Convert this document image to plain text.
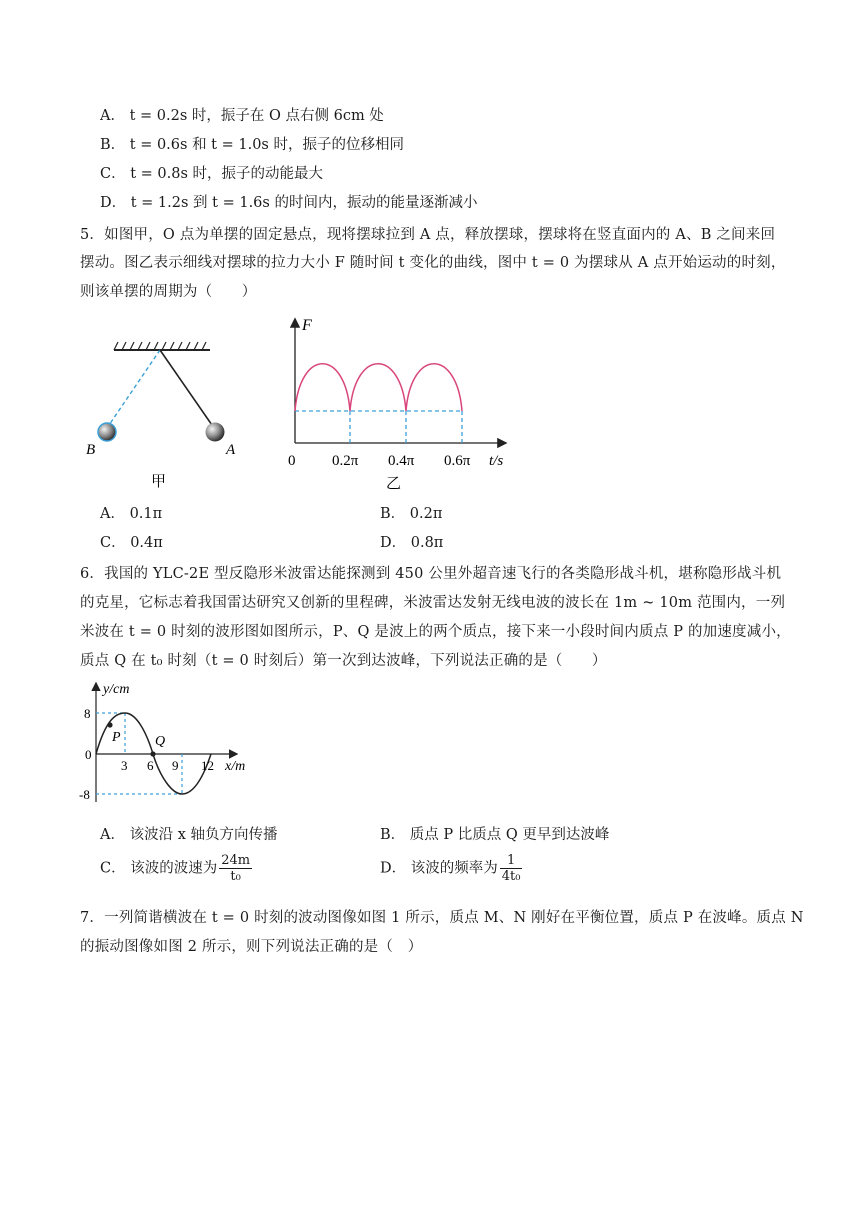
A． t = 0.2s 时，振子在 O 点右侧 6cm 处
B． t = 0.6s 和 t = 1.0s 时，振子的位移相同
C． t = 0.8s 时，振子的动能最大
D． t = 1.2s 到 t = 1.6s 的时间内，振动的能量逐渐减小
5．如图甲，O 点为单摆的固定悬点，现将摆球拉到 A 点，释放摆球，摆球将在竖直面内的 A、B 之间来回
摆动。图乙表示细线对摆球的拉力大小 F 随时间 t 变化的曲线，图中 t = 0 为摆球从 A 点开始运动的时刻，
则该单摆的周期为（　　）
B	A
甲
F
0 0.2π 0.4π 0.6π t/s
乙
A． 0.1π	B． 0.2π
C． 0.4π	D． 0.8π
6．我国的 YLC-2E 型反隐形米波雷达能探测到 450 公里外超音速飞行的各类隐形战斗机，堪称隐形战斗机
的克星，它标志着我国雷达研究又创新的里程碑，米波雷达发射无线电波的波长在 1m ~ 10m 范围内，一列
米波在 t = 0 时刻的波形图如图所示，P、Q 是波上的两个质点，接下来一小段时间内质点 P 的加速度减小，
质点 Q 在 t₀ 时刻（t = 0 时刻后）第一次到达波峰，下列说法正确的是（　　）
y/cm
P Q
8
0
-8
3 6 9 12 x/m
A． 该波沿 x 轴负方向传播	B． 质点 P 比质点 Q 更早到达波峰
C． 该波的波速为 $\frac{24m}{\text{t₀}}$	D． 该波的频率为 $\frac{1}{\text{4t₀}}$
7．一列简谐横波在 t = 0 时刻的波动图像如图 1 所示，质点 M、N 刚好在平衡位置，质点 P 在波峰。质点 N
的振动图像如图 2 所示，则下列说法正确的是（　）
